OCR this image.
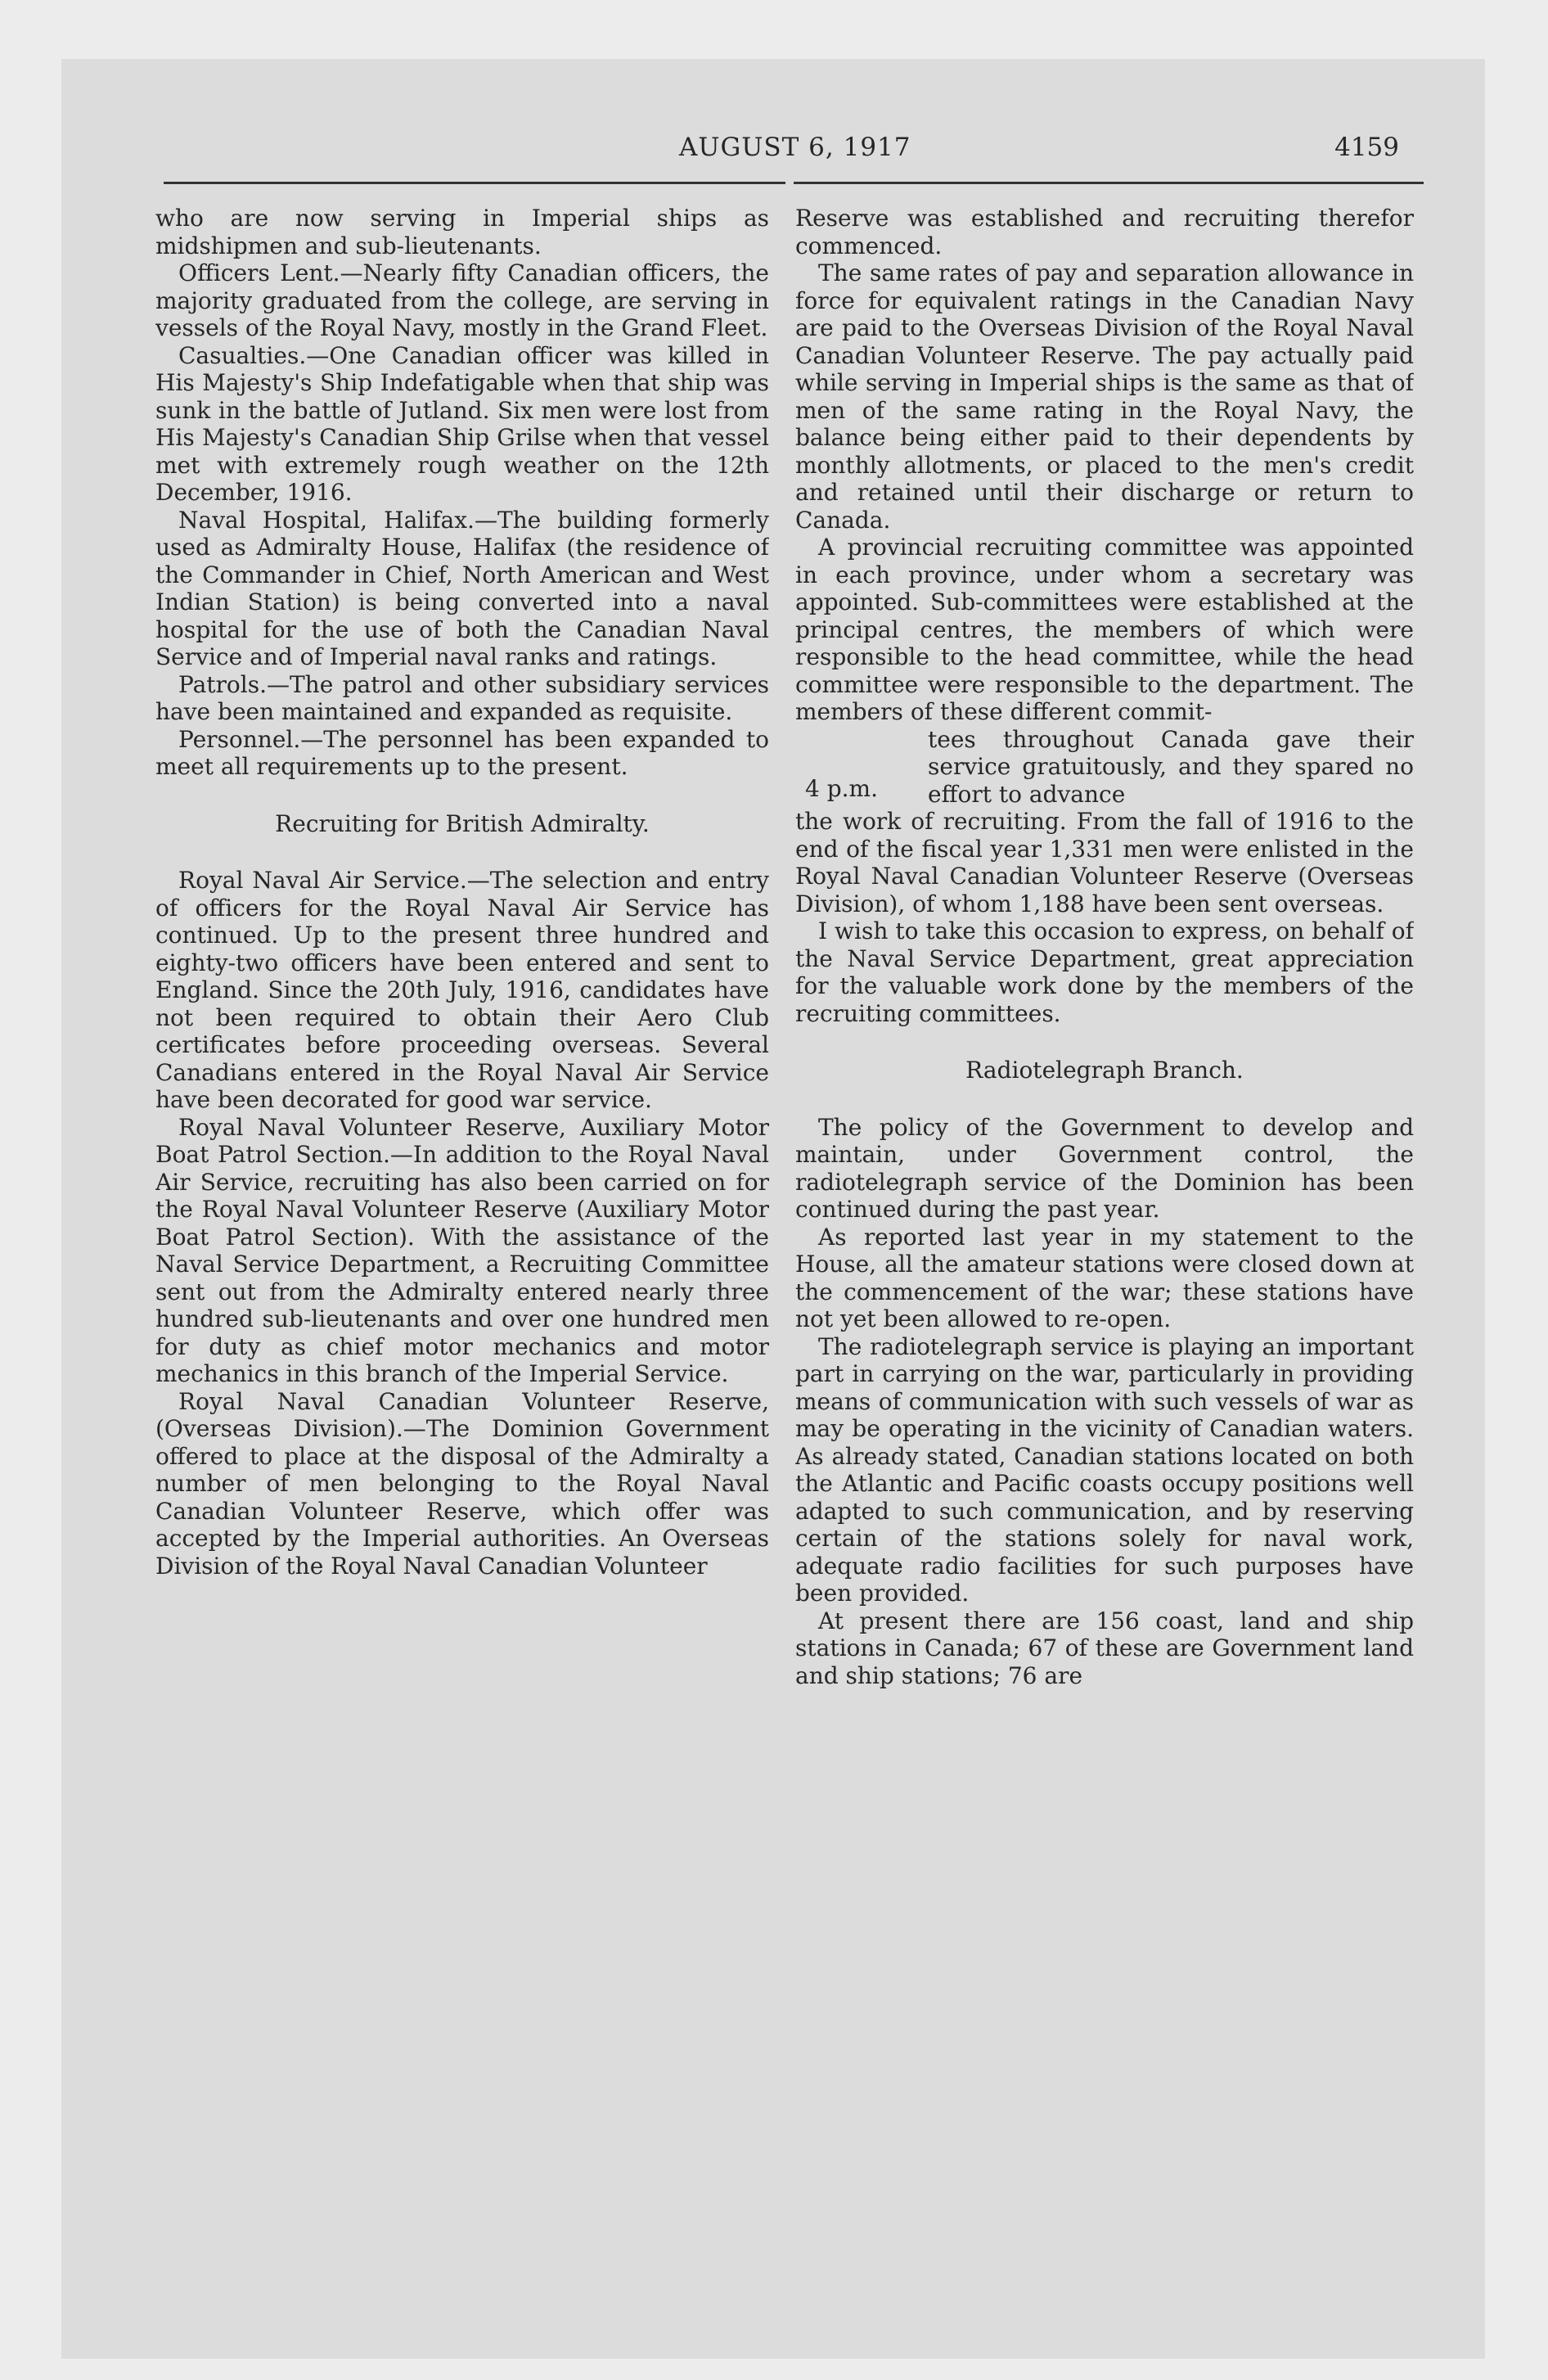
AUGUST 6, 1917	4159

who are now serving in Imperial ships as midshipmen and sub-lieutenants.

Officers Lent.—Nearly fifty Canadian officers, the majority graduated from the college, are serving in vessels of the Royal Navy, mostly in the Grand Fleet.

Casualties.—One Canadian officer was killed in His Majesty's Ship Indefatigable when that ship was sunk in the battle of Jutland. Six men were lost from His Majesty's Canadian Ship Grilse when that vessel met with extremely rough weather on the 12th December, 1916.

Naval Hospital, Halifax.—The building formerly used as Admiralty House, Halifax (the residence of the Commander in Chief, North American and West Indian Station) is being converted into a naval hospital for the use of both the Canadian Naval Service and of Imperial naval ranks and ratings.

Patrols.—The patrol and other subsidiary services have been maintained and expanded as requisite.

Personnel.—The personnel has been expanded to meet all requirements up to the present.

Recruiting for British Admiralty.

Royal Naval Air Service.—The selection and entry of officers for the Royal Naval Air Service has continued. Up to the present three hundred and eighty-two officers have been entered and sent to England. Since the 20th July, 1916, candidates have not been required to obtain their Aero Club certificates before proceeding overseas. Several Canadians entered in the Royal Naval Air Service have been decorated for good war service.

Royal Naval Volunteer Reserve, Auxiliary Motor Boat Patrol Section.—In addition to the Royal Naval Air Service, recruiting has also been carried on for the Royal Naval Volunteer Reserve (Auxiliary Motor Boat Patrol Section). With the assistance of the Naval Service Department, a Recruiting Committee sent out from the Admiralty entered nearly three hundred sub-lieutenants and over one hundred men for duty as chief motor mechanics and motor mechanics in this branch of the Imperial Service.

Royal Naval Canadian Volunteer Reserve, (Overseas Division).—The Dominion Government offered to place at the disposal of the Admiralty a number of men belonging to the Royal Naval Canadian Volunteer Reserve, which offer was accepted by the Imperial authorities. An Overseas Division of the Royal Naval Canadian Volunteer

Reserve was established and recruiting therefor commenced.

The same rates of pay and separation allowance in force for equivalent ratings in the Canadian Navy are paid to the Overseas Division of the Royal Naval Canadian Volunteer Reserve. The pay actually paid while serving in Imperial ships is the same as that of men of the same rating in the Royal Navy, the balance being either paid to their dependents by monthly allotments, or placed to the men's credit and retained until their discharge or return to Canada.

A provincial recruiting committee was appointed in each province, under whom a secretary was appointed. Sub-committees were established at the principal centres, the members of which were responsible to the head committee, while the head committee were responsible to the department. The members of these different commit-

4 p.m.
tees throughout Canada gave their service gratuitously, and they spared no effort to advance

the work of recruiting. From the fall of 1916 to the end of the fiscal year 1,331 men were enlisted in the Royal Naval Canadian Volunteer Reserve (Overseas Division), of whom 1,188 have been sent overseas.

I wish to take this occasion to express, on behalf of the Naval Service Department, great appreciation for the valuable work done by the members of the recruiting committees.

Radiotelegraph Branch.

The policy of the Government to develop and maintain, under Government control, the radiotelegraph service of the Dominion has been continued during the past year.

As reported last year in my statement to the House, all the amateur stations were closed down at the commencement of the war; these stations have not yet been allowed to re-open.

The radiotelegraph service is playing an important part in carrying on the war, particularly in providing means of communication with such vessels of war as may be operating in the vicinity of Canadian waters. As already stated, Canadian stations located on both the Atlantic and Pacific coasts occupy positions well adapted to such communication, and by reserving certain of the stations solely for naval work, adequate radio facilities for such purposes have been provided.

At present there are 156 coast, land and ship stations in Canada; 67 of these are Government land and ship stations; 76 are
